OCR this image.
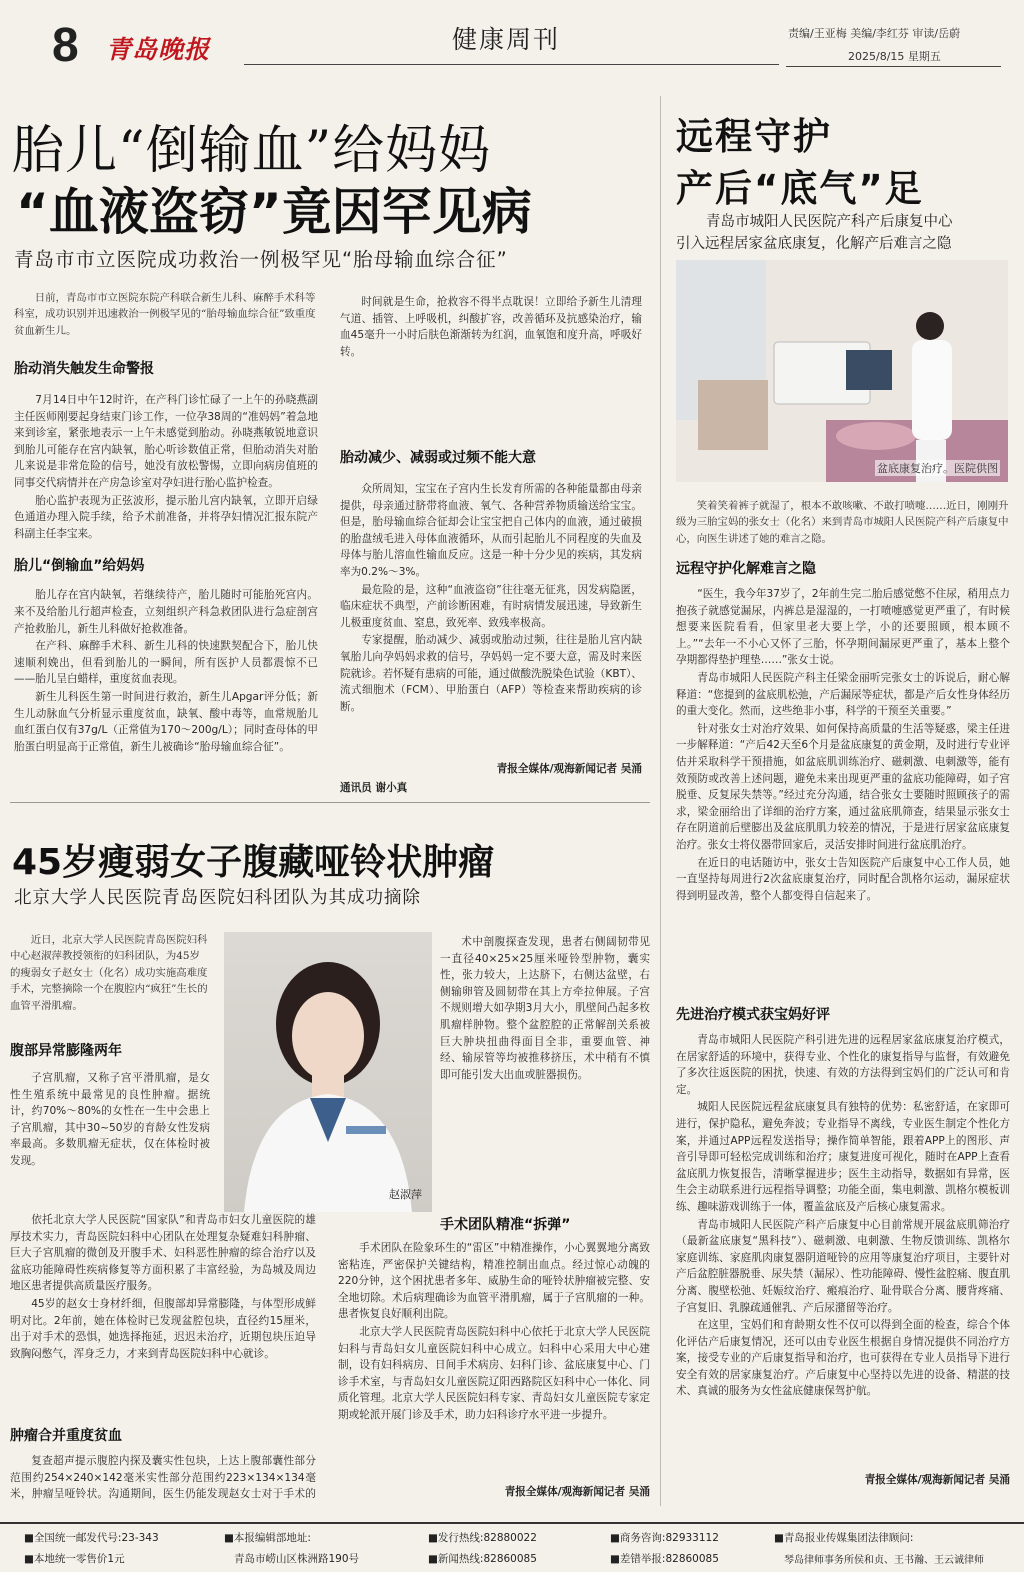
8 青岛晚报	健康周刊	责编/王亚梅 美编/李红芬 审读/岳蔚
2025/8/15 星期五
胎儿“倒输血”给妈妈
“血液盗窃”竟因罕见病
青岛市市立医院成功救治一例极罕见“胎母输血综合征”
日前，青岛市市立医院东院产科联合新生儿科、麻醉手术科等科室，成功识别并迅速救治一例极罕见的“胎母输血综合征”致重度贫血新生儿。
胎动消失触发生命警报

7月14日中午12时许，在产科门诊忙碌了一上午的孙晓燕副主任医师刚要起身结束门诊工作，一位孕38周的“准妈妈”着急地来到诊室，紧张地表示一上午未感觉到胎动。孙晓燕敏锐地意识到胎儿可能存在宫内缺氧，胎心听诊数值正常，但胎动消失对胎儿来说是非常危险的信号，她没有放松警惕，立即向病房值班的同事交代病情并在产房急诊室对孕妇进行胎心监护检查。

胎心监护表现为正弦波形，提示胎儿宫内缺氧，立即开启绿色通道办理入院手续，给予术前准备，并将孕妇情况汇报东院产科副主任李宝来。

胎儿“倒输血”给妈妈

胎儿存在宫内缺氧，若继续待产，胎儿随时可能胎死宫内。来不及给胎儿行超声检查，立刻组织产科急救团队进行急症剖宫产抢救胎儿，新生儿科做好抢救准备。

在产科、麻醉手术科、新生儿科的快速默契配合下，胎儿快速顺利娩出，但看到胎儿的一瞬间，所有医护人员都震惊不已——胎儿呈白蜡样，重度贫血表现。

新生儿科医生第一时间进行救治，新生儿Apgar评分低；新生儿动脉血气分析显示重度贫血，缺氧、酸中毒等，血常规胎儿血红蛋白仅有37g/L（正常值为170～200g/L）；同时查母体的甲胎蛋白明显高于正常值，新生儿被确诊“胎母输血综合征”。

时间就是生命，抢救容不得半点耽误！立即给予新生儿清理气道、插管、上呼吸机，纠酸扩容，改善循环及抗感染治疗，输血45毫升一小时后肤色渐渐转为红润，血氧饱和度升高，呼吸好转。

胎动减少、减弱或过频不能大意

众所周知，宝宝在子宫内生长发育所需的各种能量都由母亲提供，母亲通过脐带将血液、氧气、各种营养物质输送给宝宝。但是，胎母输血综合征却会让宝宝把自己体内的血液，通过破损的胎盘绒毛进入母体血液循环，从而引起胎儿不同程度的失血及母体与胎儿溶血性输血反应。这是一种十分少见的疾病，其发病率为0.2%～3%。

最危险的是，这种“血液盗窃”往往毫无征兆，因发病隐匿，临床症状不典型，产前诊断困难，有时病情发展迅速，导致新生儿极重度贫血、窒息，致死率、致残率极高。

专家提醒，胎动减少、减弱或胎动过频，往往是胎儿宫内缺氧胎儿向孕妈妈求救的信号，孕妈妈一定不要大意，需及时来医院就诊。若怀疑有患病的可能，通过做酸洗脱染色试验（KBT）、流式细胞术（FCM）、甲胎蛋白（AFP）等检查来帮助疾病的诊断。

青报全媒体/观海新闻记者 吴涌
通讯员 谢小真
45岁瘦弱女子腹藏哑铃状肿瘤
北京大学人民医院青岛医院妇科团队为其成功摘除
近日，北京大学人民医院青岛医院妇科中心赵淑萍教授领衔的妇科团队，为45岁的瘦弱女子赵女士（化名）成功实施高难度手术，完整摘除一个在腹腔内“疯狂”生长的血管平滑肌瘤。
赵淑萍
腹部异常膨隆两年

子宫肌瘤，又称子宫平滑肌瘤，是女性生殖系统中最常见的良性肿瘤。据统计，约70%～80%的女性在一生中会患上子宫肌瘤，其中30~50岁的育龄女性发病率最高。多数肌瘤无症状，仅在体检时被发现。

依托北京大学人民医院“国家队”和青岛市妇女儿童医院的雄厚技术实力，青岛医院妇科中心团队在处理复杂疑难妇科肿瘤、巨大子宫肌瘤的微创及开腹手术、妇科恶性肿瘤的综合治疗以及盆底功能障碍性疾病修复等方面积累了丰富经验，为岛城及周边地区患者提供高质量医疗服务。

45岁的赵女士身材纤细，但腹部却异常膨隆，与体型形成鲜明对比。2年前，她在体检时已发现盆腔包块，直径约15厘米，出于对手术的恐惧，她选择拖延，迟迟未治疗，近期包块压迫导致胸闷憋气，浑身乏力，才来到青岛医院妇科中心就诊。

肿瘤合并重度贫血

复查超声提示腹腔内探及囊实性包块，上达上腹部囊性部分范围约254×240×142毫米实性部分范围约223×134×134毫米，肿瘤呈哑铃状。沟通期间，医生仍能发现赵女士对于手术的

术中剖腹探查发现，患者右侧阔韧带见一直径40×25×25厘米哑铃型肿物，囊实性，张力较大，上达脐下，右侧达盆壁，右侧输卵管及圆韧带在其上方牵拉伸展。子宫不规则增大如孕期3月大小，肌壁间凸起多枚肌瘤样肿物。整个盆腔腔的正常解剖关系被巨大肿块扭曲得面目全非，重要血管、神经、输尿管等均被推移挤压，术中稍有不慎即可能引发大出血或脏器损伤。

手术团队精准“拆弹”

手术团队在险象环生的“雷区”中精准操作，小心翼翼地分离致密粘连，严密保护关键结构，精准控制出血点。经过惊心动魄的220分钟，这个困扰患者多年、威胁生命的哑铃状肿瘤被完整、安全地切除。术后病理确诊为血管平滑肌瘤，属于子宫肌瘤的一种。患者恢复良好顺利出院。

北京大学人民医院青岛医院妇科中心依托于北京大学人民医院妇科与青岛妇女儿童医院妇科中心成立。妇科中心采用大中心建制，设有妇科病房、日间手术病房、妇科门诊、盆底康复中心、门诊手术室，与青岛妇女儿童医院辽阳西路院区妇科中心一体化、同质化管理。北京大学人民医院妇科专家、青岛妇女儿童医院专家定期或轮派开展门诊及手术，助力妇科诊疗水平进一步提升。

青报全媒体/观海新闻记者 吴涌
远程守护
产后“底气”足
青岛市城阳人民医院产科产后康复中心
引入远程居家盆底康复，化解产后难言之隐
盆底康复治疗。医院供图
笑着笑着裤子就湿了，根本不敢咳嗽、不敢打喷嚏……近日，刚刚升级为三胎宝妈的张女士（化名）来到青岛市城阳人民医院产科产后康复中心，向医生讲述了她的难言之隐。
远程守护化解难言之隐

“医生，我今年37岁了，2年前生完二胎后感觉憋不住尿，稍用点力抱孩子就感觉漏尿，内裤总是湿湿的，一打喷嚏感觉更严重了，有时候想要来医院看看，但家里老大要上学，小的还要照顾，根本顾不上。”“去年一不小心又怀了三胎，怀孕期间漏尿更严重了，基本上整个孕期都得垫护理垫……”张女士说。

青岛市城阳人民医院产科主任梁金丽听完张女士的诉说后，耐心解释道：“您提到的盆底肌松弛，产后漏尿等症状，都是产后女性身体经历的重大变化。然而，这些绝非小事，科学的干预至关重要。”

针对张女士对治疗效果、如何保持高质量的生活等疑惑，梁主任进一步解释道：“产后42天至6个月是盆底康复的黄金期，及时进行专业评估并采取科学干预措施，如盆底肌训练治疗、磁刺激、电刺激等，能有效预防或改善上述问题，避免未来出现更严重的盆底功能障碍，如子宫脱垂、反复尿失禁等。”经过充分沟通，结合张女士要随时照顾孩子的需求，梁金丽给出了详细的治疗方案，通过盆底肌筛查，结果显示张女士存在阴道前后壁膨出及盆底肌肌力较差的情况，于是进行居家盆底康复治疗。张女士将仪器带回家后，灵活安排时间进行盆底肌治疗。

在近日的电话随访中，张女士告知医院产后康复中心工作人员，她一直坚持每周进行2次盆底康复治疗，同时配合凯格尔运动，漏尿症状得到明显改善，整个人都变得自信起来了。

先进治疗模式获宝妈好评

青岛市城阳人民医院产科引进先进的远程居家盆底康复治疗模式，在居家舒适的环境中，获得专业、个性化的康复指导与监督，有效避免了多次往返医院的困扰，快速、有效的方法得到宝妈们的广泛认可和肯定。

城阳人民医院远程盆底康复具有独特的优势：私密舒适，在家即可进行，保护隐私，避免奔波；专业指导不离线，专业医生制定个性化方案，并通过APP远程发送指导；操作简单智能，跟着APP上的图形、声音引导即可轻松完成训练和治疗；康复进度可视化，随时在APP上查看盆底肌力恢复报告，清晰掌握进步；医生主动指导，数据如有异常，医生会主动联系进行远程指导调整；功能全面，集电刺激、凯格尔模板训练、趣味游戏训练于一体，覆盖盆底及产后核心康复需求。

青岛市城阳人民医院产科产后康复中心目前常规开展盆底肌筛治疗（最新盆底康复“黑科技”）、磁刺激、电刺激、生物反馈训练、凯格尔家庭训练、家庭肌肉康复器阴道哑铃的应用等康复治疗项目，主要针对产后盆腔脏器脱垂、尿失禁（漏尿）、性功能障碍、慢性盆腔痛、腹直肌分离、腹壁松弛、妊娠纹治疗、瘢痕治疗、耻骨联合分离、腰背疼痛、子宫复旧、乳腺疏通催乳、产后尿潴留等治疗。

在这里，宝妈们和育龄期女性不仅可以得到全面的检查，综合个体化评估产后康复情况，还可以由专业医生根据自身情况提供不同治疗方案，接受专业的产后康复指导和治疗，也可获得在专业人员指导下进行安全有效的居家康复治疗。产后康复中心坚持以先进的设备、精湛的技术、真诚的服务为女性盆底健康保驾护航。

青报全媒体/观海新闻记者 吴涌
■全国统一邮发代号:23-343
■本地统一零售价1元
■本报编辑部地址:
青岛市崂山区株洲路190号
■发行热线:82880022
■新闻热线:82860085
■商务咨询:82933112
■差错举报:82860085
■青岛报业传媒集团法律顾问:
琴岛律师事务所侯和贞、王书瀚、王云诚律师
